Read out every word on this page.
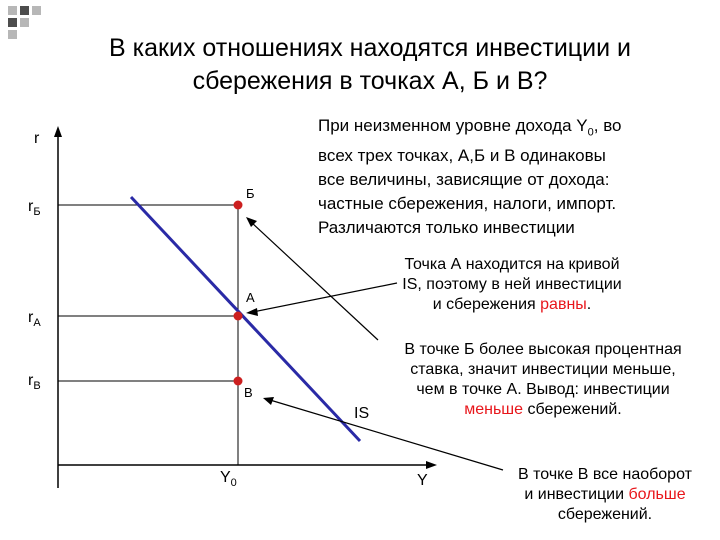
В каких отношениях находятся инвестиции и
сбережения в точках А, Б и В?
r
$r_Б$
$r_А$
$r_В$
$Y_0$	Y
IS
Б
А
В
При неизменном уровне дохода $Y_0$, во
всех трех точках, А,Б и В одинаковы
все величины, зависящие от дохода:
частные сбережения, налоги, импорт.
Различаются только инвестиции
Точка А находится на кривой
IS, поэтому в ней инвестиции
и сбережения равны.
В точке Б более высокая процентная
ставка, значит инвестиции меньше,
чем в точке А. Вывод: инвестиции
меньше сбережений.
В точке В все наоборот
и инвестиции больше
сбережений.
